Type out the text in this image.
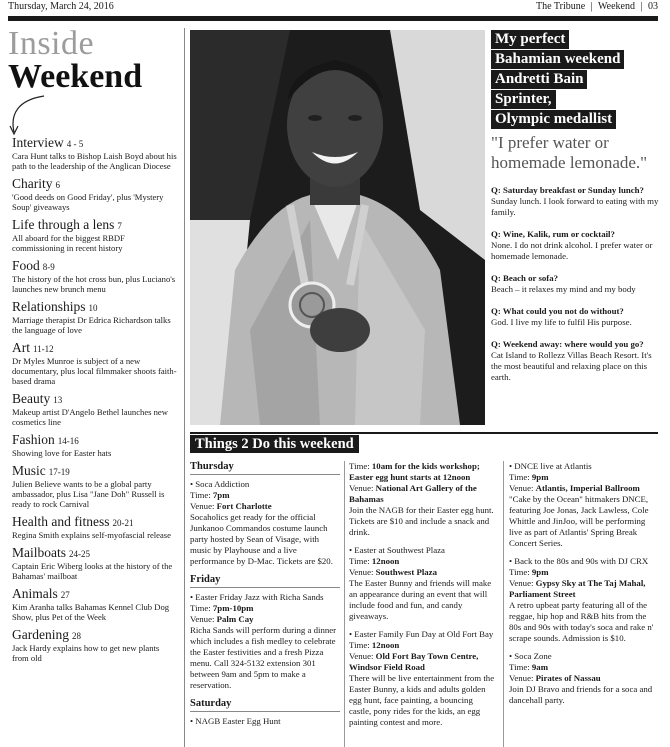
Thursday, March 24, 2016	The Tribune | Weekend | 03
Inside
Weekend
Interview 4 - 5
Cara Hunt talks to Bishop Laish Boyd about his path to the leadership of the Anglican Diocese
Charity 6
'Good deeds on Good Friday', plus 'Mystery Soup' giveaways
Life through a lens 7
All aboard for the biggest RBDF commissioning in recent history
Food 8-9
The history of the hot cross bun, plus Luciano's launches new brunch menu
Relationships 10
Marriage therapist Dr Edrica Richardson talks the language of love
Art 11-12
Dr Myles Munroe is subject of a new documentary, plus local filmmaker shoots faith-based drama
Beauty 13
Makeup artist D'Angelo Bethel launches new cosmetics line
Fashion 14-16
Showing love for Easter hats
Music 17-19
Julien Believe wants to be a global party ambassador, plus Lisa "Jane Doh" Russell is ready to rock Carnival
Health and fitness 20-21
Regina Smith explains self-myofascial release
Mailboats 24-25
Captain Eric Wiberg looks at the history of the Bahamas' mailboat
Animals 27
Kim Aranha talks Bahamas Kennel Club Dog Show, plus Pet of the Week
Gardening 28
Jack Hardy explains how to get new plants from old
My perfect
Bahamian weekend
Andretti Bain
Sprinter,
Olympic medallist
"I prefer water or homemade lemonade."
Q: Saturday breakfast or Sunday lunch?
Sunday lunch. I look forward to eating with my family.
Q: Wine, Kalik, rum or cocktail?
None. I do not drink alcohol. I prefer water or homemade lemonade.
Q: Beach or sofa?
Beach – it relaxes my mind and my body
Q: What could you not do without?
God. I live my life to fulfil His purpose.
Q: Weekend away: where would you go?
Cat Island to Rollezz Villas Beach Resort. It's the most beautiful and relaxing place on this earth.
Things 2 Do this weekend
Thursday
• Soca Addiction
Time: 7pm
Venue: Fort Charlotte
Socaholics get ready for the official Junkanoo Commandos costume launch party hosted by Sean of Visage, with music by Playhouse and a live performance by D-Mac. Tickets are $20.
Friday
• Easter Friday Jazz with Richa Sands
Time: 7pm-10pm
Venue: Palm Cay
Richa Sands will perform during a dinner which includes a fish medley to celebrate the Easter festivities and a fresh Pizza menu. Call 324-5132 extension 301 between 9am and 5pm to make a reservation.
Saturday
• NAGB Easter Egg Hunt
Time: 10am for the kids workshop; Easter egg hunt starts at 12noon
Venue: National Art Gallery of the Bahamas
Join the NAGB for their Easter egg hunt. Tickets are $10 and include a snack and drink.
• Easter at Southwest Plaza
Time: 12noon
Venue: Southwest Plaza
The Easter Bunny and friends will make an appearance during an event that will include food and fun, and candy giveaways.
• Easter Family Fun Day at Old Fort Bay
Time: 12noon
Venue: Old Fort Bay Town Centre, Windsor Field Road
There will be live entertainment from the Easter Bunny, a kids and adults golden egg hunt, face painting, a bouncing castle, pony rides for the kids, an egg painting contest and more.
• DNCE live at Atlantis
Time: 9pm
Venue: Atlantis, Imperial Ballroom
"Cake by the Ocean" hitmakers DNCE, featuring Joe Jonas, Jack Lawless, Cole Whittle and JinJoo, will be performing live as part of Atlantis' Spring Break Concert Series.
• Back to the 80s and 90s with DJ CRX
Time: 9pm
Venue: Gypsy Sky at The Taj Mahal, Parliament Street
A retro upbeat party featuring all of the reggae, hip hop and R&B hits from the 80s and 90s with today's soca and rake n' scrape sounds. Admission is $10.
• Soca Zone
Time: 9am
Venue: Pirates of Nassau
Join DJ Bravo and friends for a soca and dancehall party.
